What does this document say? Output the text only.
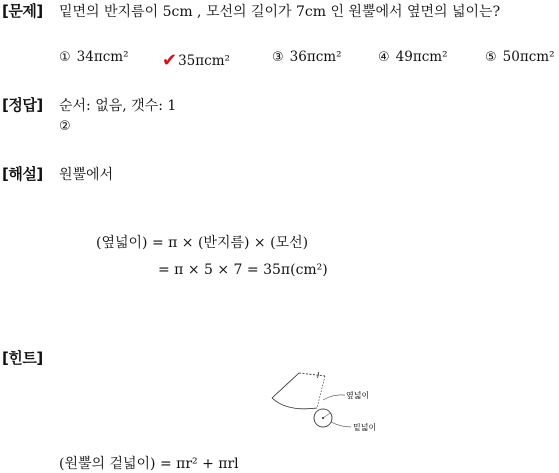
[문제] 밑면의 반지름이 5cm , 모선의 길이가 7cm 인 원뿔에서 옆면의 넓이는?
① 34πcm² ✔35πcm²	③ 36πcm²	④ 49πcm²	⑤ 50πcm²
[정답] 순서: 없음, 갯수: 1
②
[해설] 원뿔에서
(옆넓이) = π × (반지름) × (모선)
= π × 5 × 7 = 35π(cm²)
[힌트]
l
옆넓이
밑넓이
(원뿔의 겉넓이) = πr² + πrl
